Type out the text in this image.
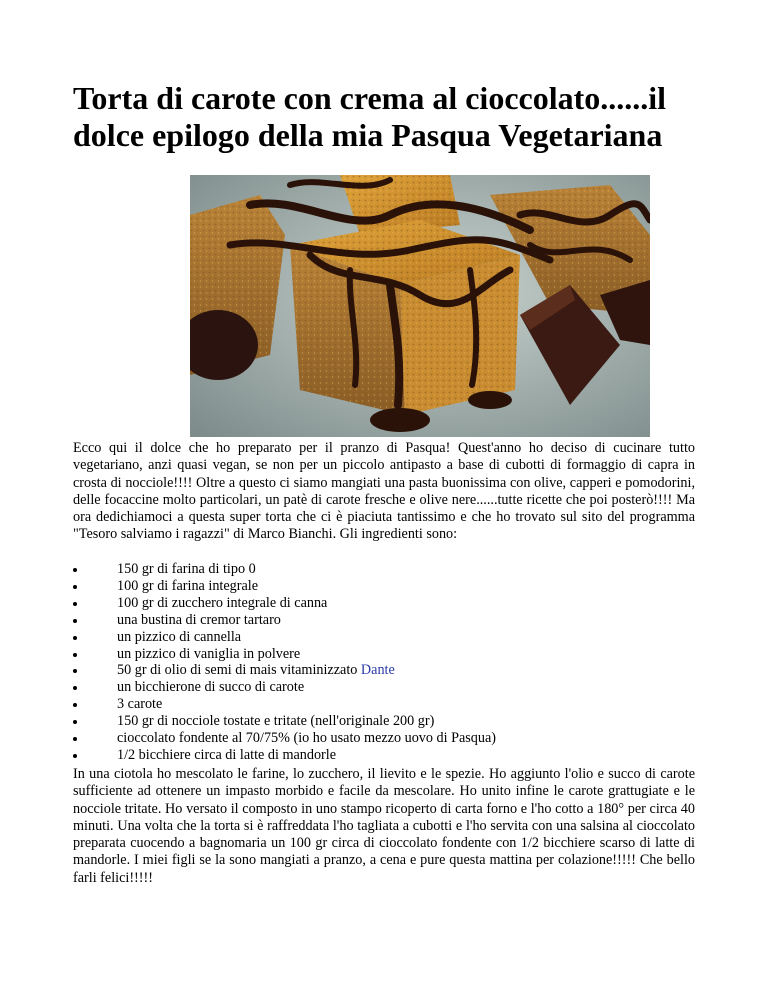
Torta di carote con crema al cioccolato......il dolce epilogo della mia Pasqua Vegetariana

Ecco qui il dolce che ho preparato per il pranzo di Pasqua! Quest'anno ho deciso di cucinare tutto vegetariano, anzi quasi vegan, se non per un piccolo antipasto a base di cubotti di formaggio di capra in crosta di nocciole!!!! Oltre a questo ci siamo mangiati una pasta buonissima con olive, capperi e pomodorini, delle focaccine molto particolari, un patè di carote fresche e olive nere......tutte ricette che poi posterò!!!! Ma ora dedichiamoci a questa super torta che ci è piaciuta tantissimo e che ho trovato sul sito del programma "Tesoro salviamo i ragazzi" di Marco Bianchi. Gli ingredienti sono:

150 gr di farina di tipo 0
100 gr di farina integrale
100 gr di zucchero integrale di canna
una bustina di cremor tartaro
un pizzico di cannella
un pizzico di vaniglia in polvere
50 gr di olio di semi di mais vitaminizzato Dante
un bicchierone di succo di carote
3 carote
150 gr di nocciole tostate e tritate (nell'originale 200 gr)
cioccolato fondente al 70/75% (io ho usato mezzo uovo di Pasqua)
1/2 bicchiere circa di latte di mandorle

In una ciotola ho mescolato le farine, lo zucchero, il lievito e le spezie. Ho aggiunto l'olio e succo di carote sufficiente ad ottenere un impasto morbido e facile da mescolare. Ho unito infine le carote grattugiate e le nocciole tritate. Ho versato il composto in uno stampo ricoperto di carta forno e l'ho cotto a 180° per circa 40 minuti. Una volta che la torta si è raffreddata l'ho tagliata a cubotti e l'ho servita con una salsina al cioccolato preparata cuocendo a bagnomaria un 100 gr circa di cioccolato fondente con 1/2 bicchiere scarso di latte di mandorle. I miei figli se la sono mangiati a pranzo, a cena e pure questa mattina per colazione!!!!! Che bello farli felici!!!!!
